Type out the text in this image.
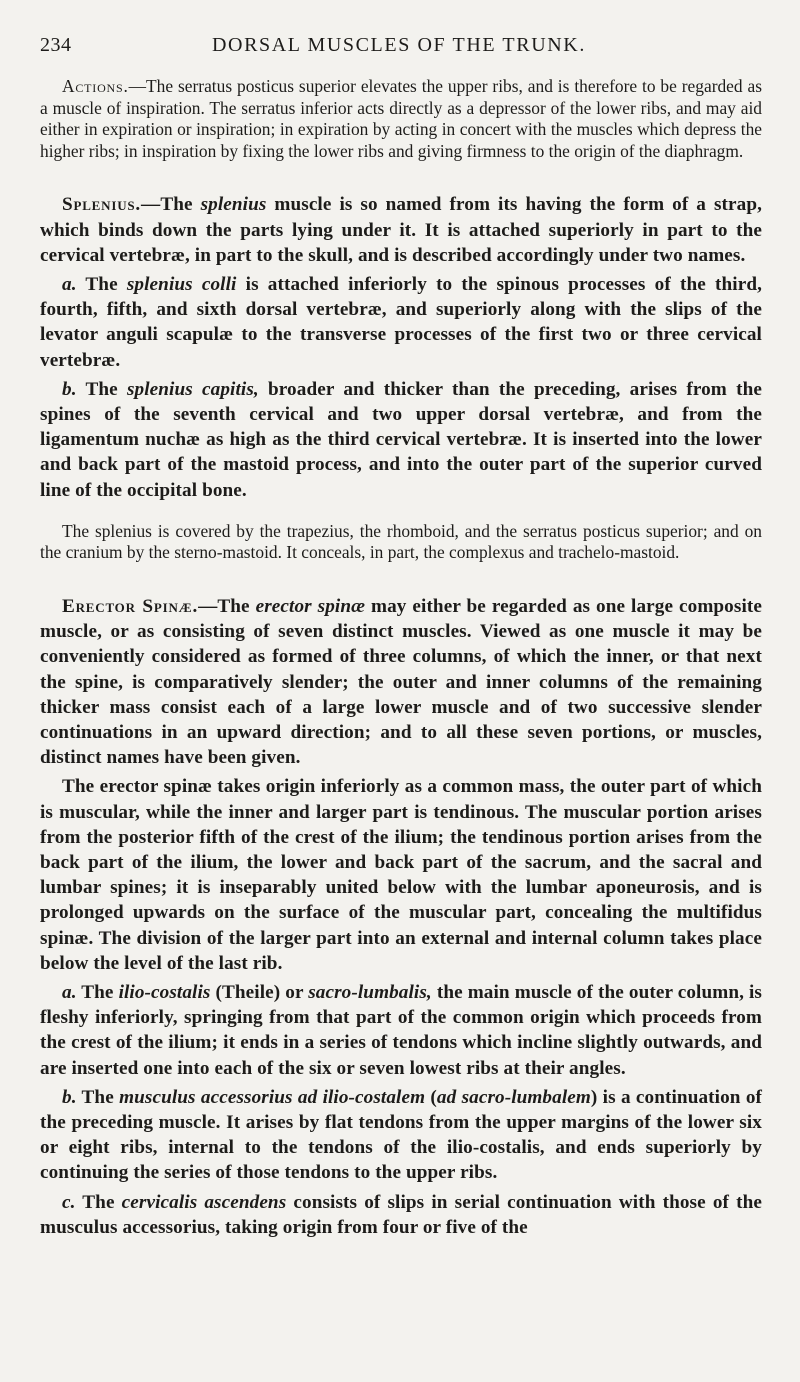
234	DORSAL MUSCLES OF THE TRUNK.

Actions.—The serratus posticus superior elevates the upper ribs, and is therefore to be regarded as a muscle of inspiration. The serratus inferior acts directly as a depressor of the lower ribs, and may aid either in expiration or inspiration; in expiration by acting in concert with the muscles which depress the higher ribs; in inspiration by fixing the lower ribs and giving firmness to the origin of the diaphragm.

Splenius.—The splenius muscle is so named from its having the form of a strap, which binds down the parts lying under it. It is attached superiorly in part to the cervical vertebræ, in part to the skull, and is described accordingly under two names.

a. The splenius colli is attached inferiorly to the spinous processes of the third, fourth, fifth, and sixth dorsal vertebræ, and superiorly along with the slips of the levator anguli scapulæ to the transverse processes of the first two or three cervical vertebræ.

b. The splenius capitis, broader and thicker than the preceding, arises from the spines of the seventh cervical and two upper dorsal vertebræ, and from the ligamentum nuchæ as high as the third cervical vertebræ. It is inserted into the lower and back part of the mastoid process, and into the outer part of the superior curved line of the occipital bone.

The splenius is covered by the trapezius, the rhomboid, and the serratus posticus superior; and on the cranium by the sterno-mastoid. It conceals, in part, the complexus and trachelo-mastoid.

Erector Spinæ.—The erector spinæ may either be regarded as one large composite muscle, or as consisting of seven distinct muscles. Viewed as one muscle it may be conveniently considered as formed of three columns, of which the inner, or that next the spine, is comparatively slender; the outer and inner columns of the remaining thicker mass consist each of a large lower muscle and of two successive slender continuations in an upward direction; and to all these seven portions, or muscles, distinct names have been given.

The erector spinæ takes origin inferiorly as a common mass, the outer part of which is muscular, while the inner and larger part is tendinous. The muscular portion arises from the posterior fifth of the crest of the ilium; the tendinous portion arises from the back part of the ilium, the lower and back part of the sacrum, and the sacral and lumbar spines; it is inseparably united below with the lumbar aponeurosis, and is prolonged upwards on the surface of the muscular part, concealing the multifidus spinæ. The division of the larger part into an external and internal column takes place below the level of the last rib.

a. The ilio-costalis (Theile) or sacro-lumbalis, the main muscle of the outer column, is fleshy inferiorly, springing from that part of the common origin which proceeds from the crest of the ilium; it ends in a series of tendons which incline slightly outwards, and are inserted one into each of the six or seven lowest ribs at their angles.

b. The musculus accessorius ad ilio-costalem (ad sacro-lumbalem) is a continuation of the preceding muscle. It arises by flat tendons from the upper margins of the lower six or eight ribs, internal to the tendons of the ilio-costalis, and ends superiorly by continuing the series of those tendons to the upper ribs.

c. The cervicalis ascendens consists of slips in serial continuation with those of the musculus accessorius, taking origin from four or five of the
